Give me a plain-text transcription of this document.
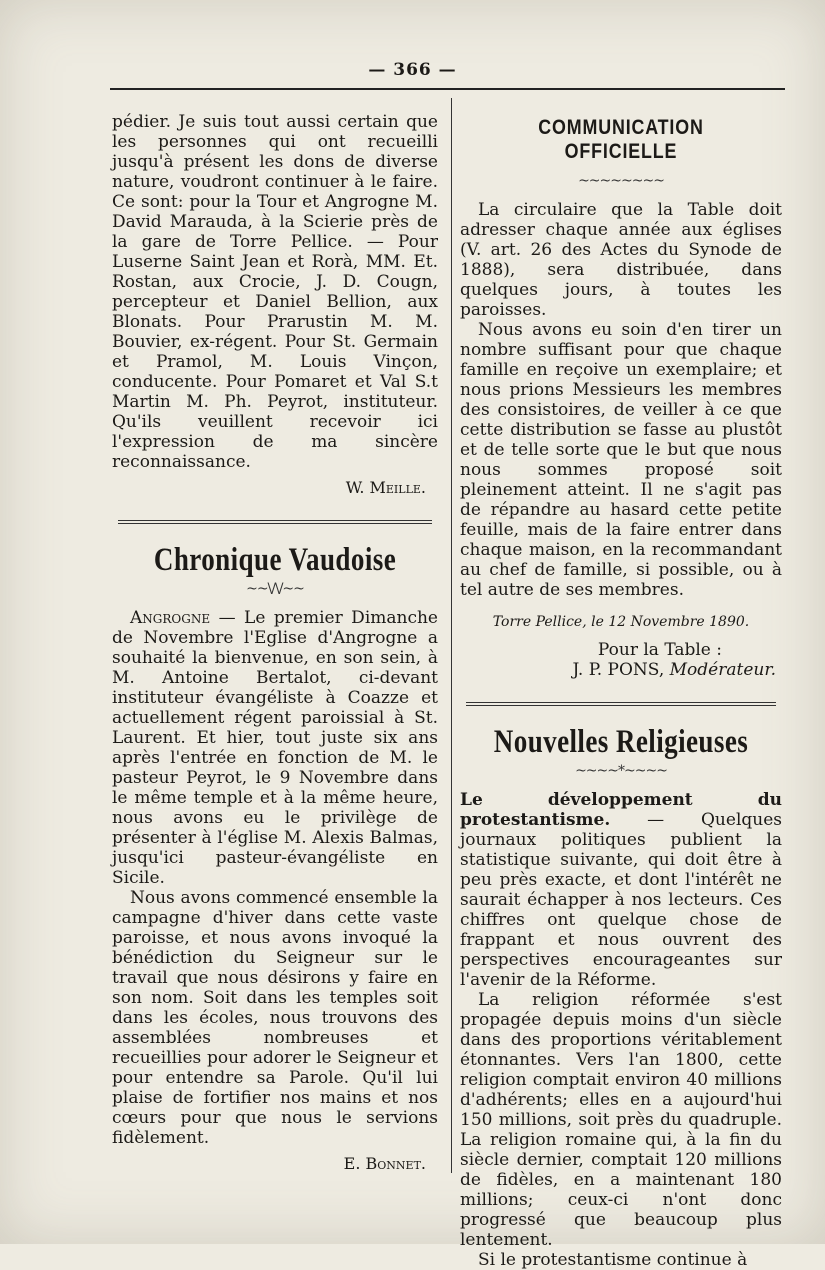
— 366 —

pédier. Je suis tout aussi certain que les personnes qui ont recueilli jusqu'à présent les dons de diverse nature, voudront continuer à le faire. Ce sont: pour la Tour et Angrogne M. David Marauda, à la Scierie près de la gare de Torre Pellice. — Pour Luserne Saint Jean et Rorà, MM. Et. Rostan, aux Crocie, J. D. Cougn, percepteur et Daniel Bellion, aux Blonats. Pour Prarustin M. M. Bouvier, ex-régent. Pour St. Germain et Pramol, M. Louis Vinçon, conducente. Pour Pomaret et Val S.t Martin M. Ph. Peyrot, instituteur. Qu'ils veuillent recevoir ici l'expression de ma sincère reconnaissance.

W. Meille.

Chronique Vaudoise
~~\/\/~~

Angrogne — Le premier Dimanche de Novembre l'Eglise d'Angrogne a souhaité la bienvenue, en son sein, à M. Antoine Bertalot, ci-devant instituteur évangéliste à Coazze et actuellement régent paroissial à St. Laurent. Et hier, tout juste six ans après l'entrée en fonction de M. le pasteur Peyrot, le 9 Novembre dans le même temple et à la même heure, nous avons eu le privilège de présenter à l'église M. Alexis Balmas, jusqu'ici pasteur-évangéliste en Sicile.

Nous avons commencé ensemble la campagne d'hiver dans cette vaste paroisse, et nous avons invoqué la bénédiction du Seigneur sur le travail que nous désirons y faire en son nom. Soit dans les temples soit dans les écoles, nous trouvons des assemblées nombreuses et recueillies pour adorer le Seigneur et pour entendre sa Parole. Qu'il lui plaise de fortifier nos mains et nos cœurs pour que nous le servions fidèlement.

E. Bonnet.

COMMUNICATION OFFICIELLE
~~~~~~~~

La circulaire que la Table doit adresser chaque année aux églises (V. art. 26 des Actes du Synode de 1888), sera distribuée, dans quelques jours, à toutes les paroisses.

Nous avons eu soin d'en tirer un nombre suffisant pour que chaque famille en reçoive un exemplaire; et nous prions Messieurs les membres des consistoires, de veiller à ce que cette distribution se fasse au plustôt et de telle sorte que le but que nous nous sommes proposé soit pleinement atteint. Il ne s'agit pas de répandre au hasard cette petite feuille, mais de la faire entrer dans chaque maison, en la recommandant au chef de famille, si possible, ou à tel autre de ses membres.

Torre Pellice, le 12 Novembre 1890.

Pour la Table :

J. P. PONS, Modérateur.

Nouvelles Religieuses
~~~~*~~~~

Le développement du protestantisme. — Quelques journaux politiques publient la statistique suivante, qui doit être à peu près exacte, et dont l'intérêt ne saurait échapper à nos lecteurs. Ces chiffres ont quelque chose de frappant et nous ouvrent des perspectives encourageantes sur l'avenir de la Réforme.

La religion réformée s'est propagée depuis moins d'un siècle dans des proportions véritablement étonnantes. Vers l'an 1800, cette religion comptait environ 40 millions d'adhérents; elles en a aujourd'hui 150 millions, soit près du quadruple. La religion romaine qui, à la fin du siècle dernier, comptait 120 millions de fidèles, en a maintenant 180 millions; ceux-ci n'ont donc progressé que beaucoup plus lentement.

Si le protestantisme continue à
